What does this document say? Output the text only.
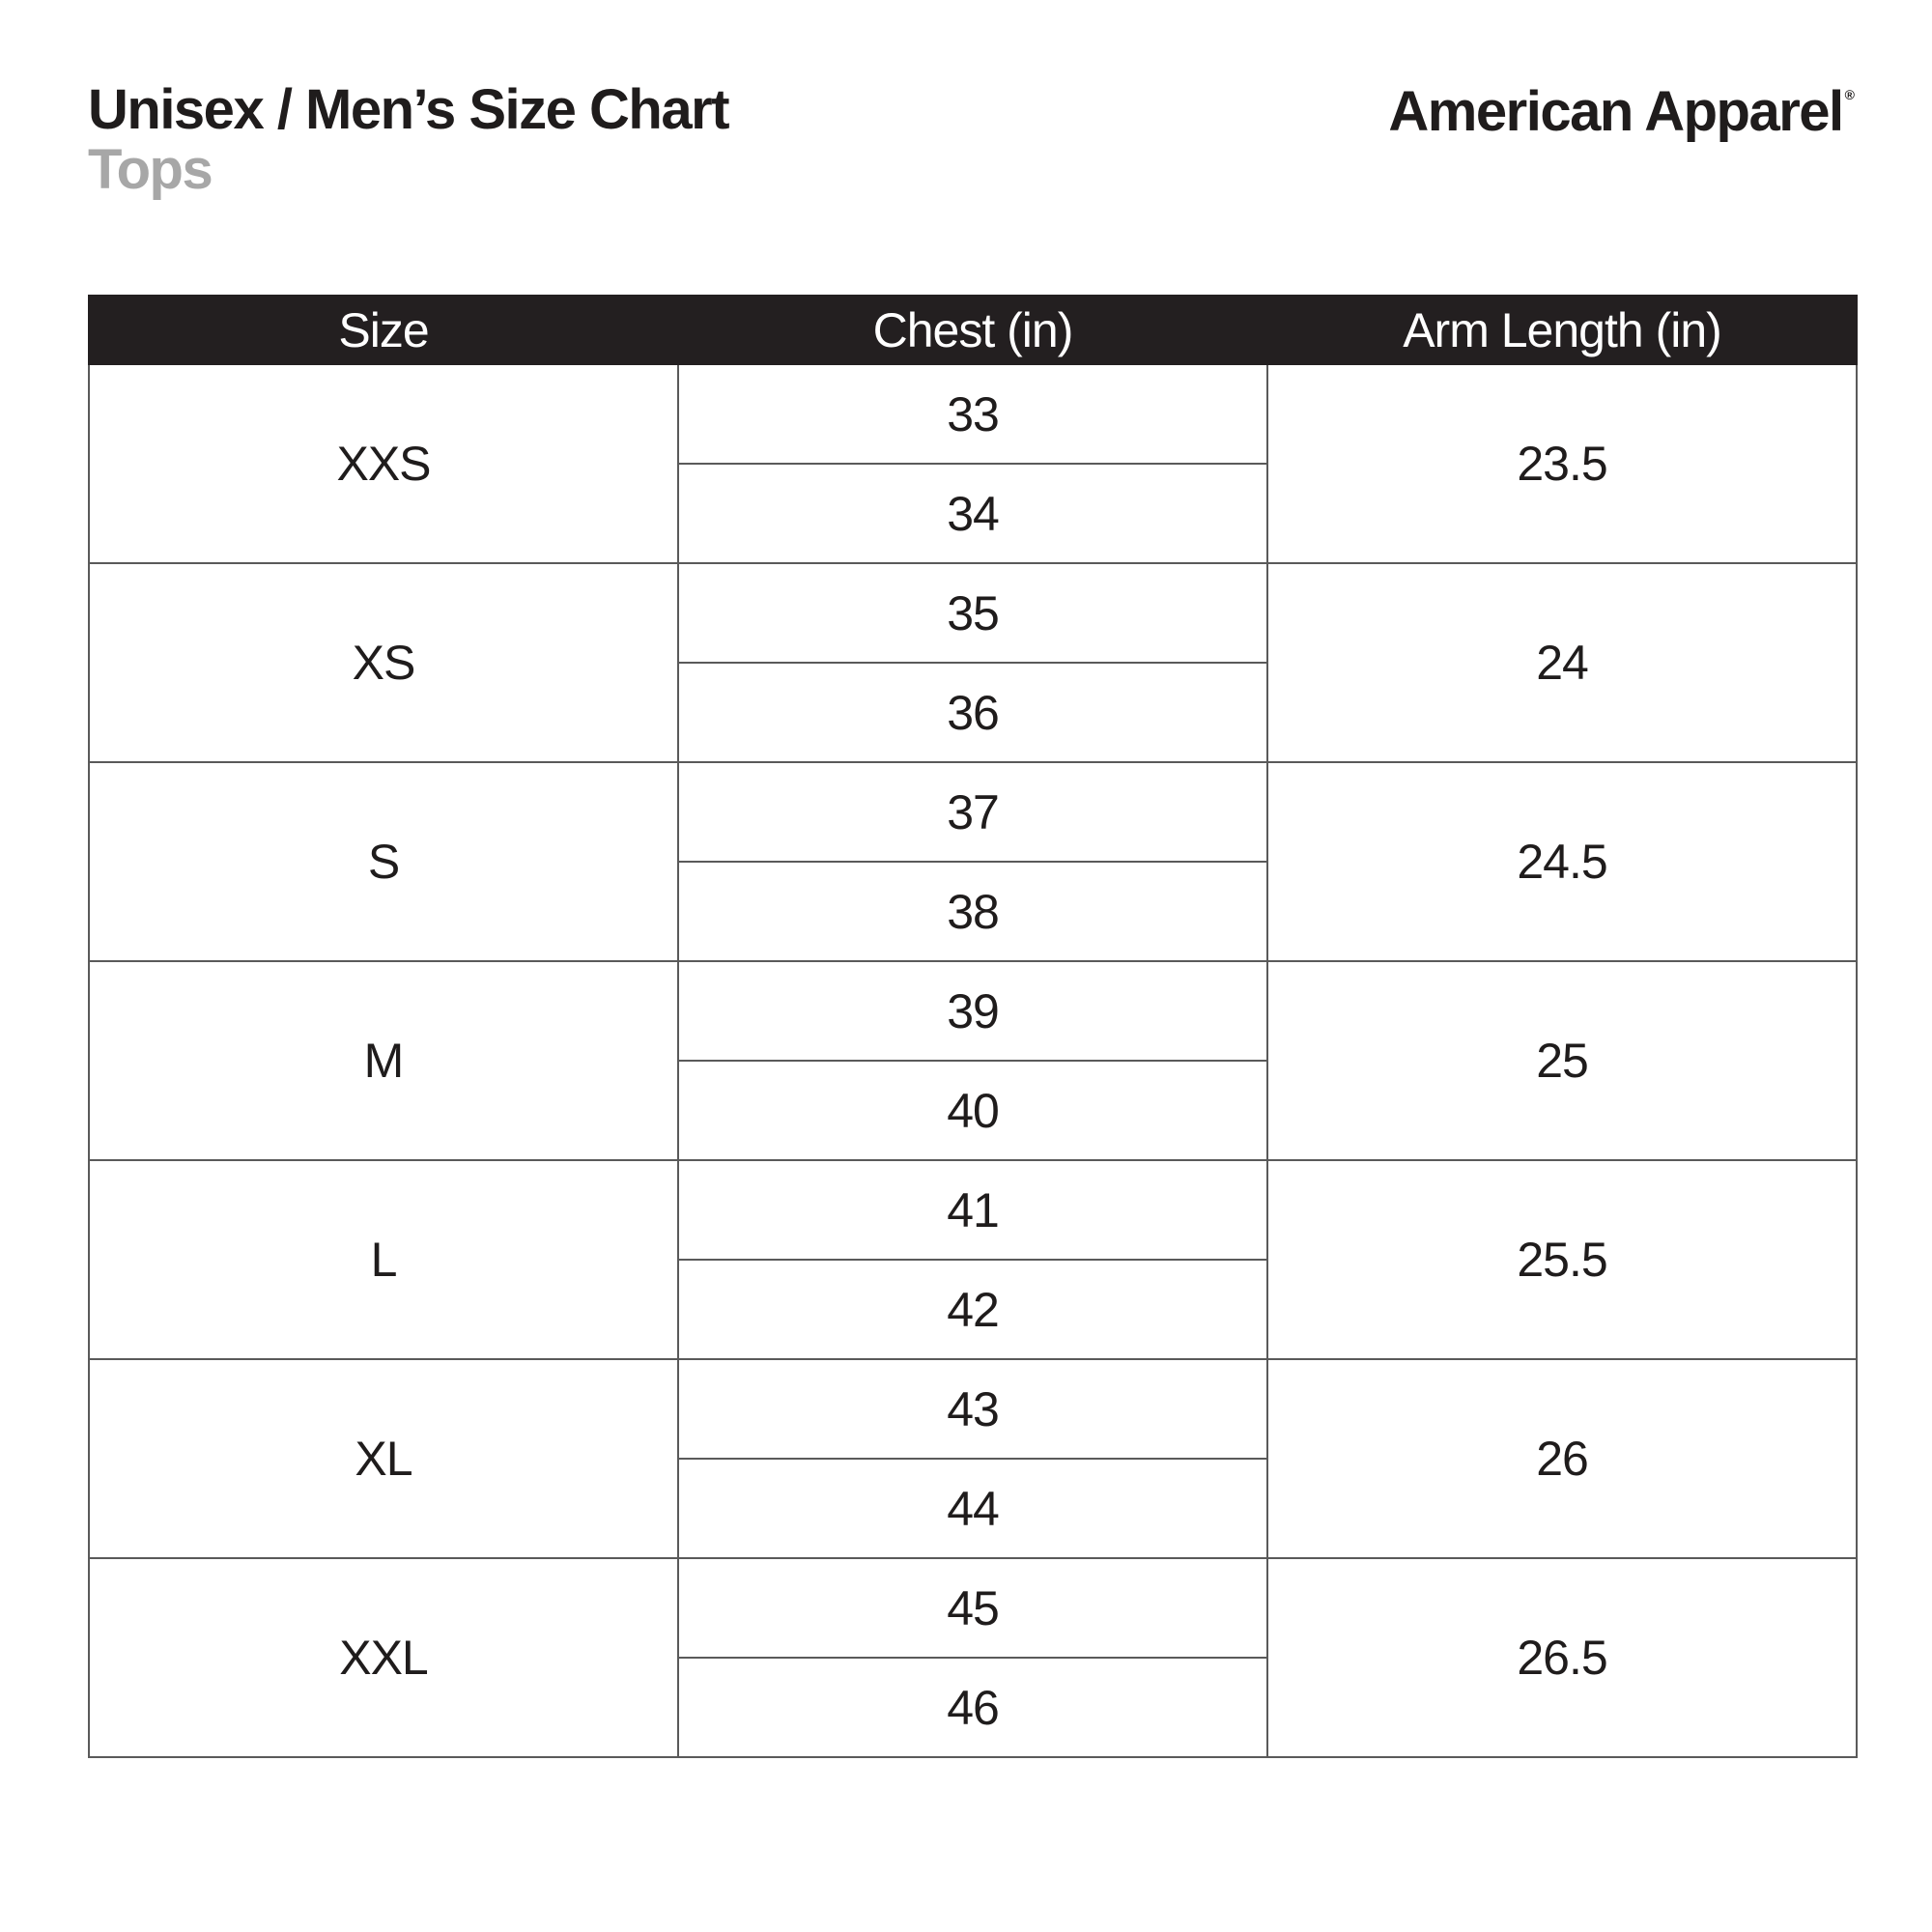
Unisex / Men’s Size Chart
Tops
American Apparel ®
Size	Chest (in)	Arm Length (in)
XXS	33	23.5
	34	
XS	35	24
	36	
S	37	24.5
	38	
M	39	25
	40	
L	41	25.5
	42	
XL	43	26
	44	
XXL	45	26.5
	46	
